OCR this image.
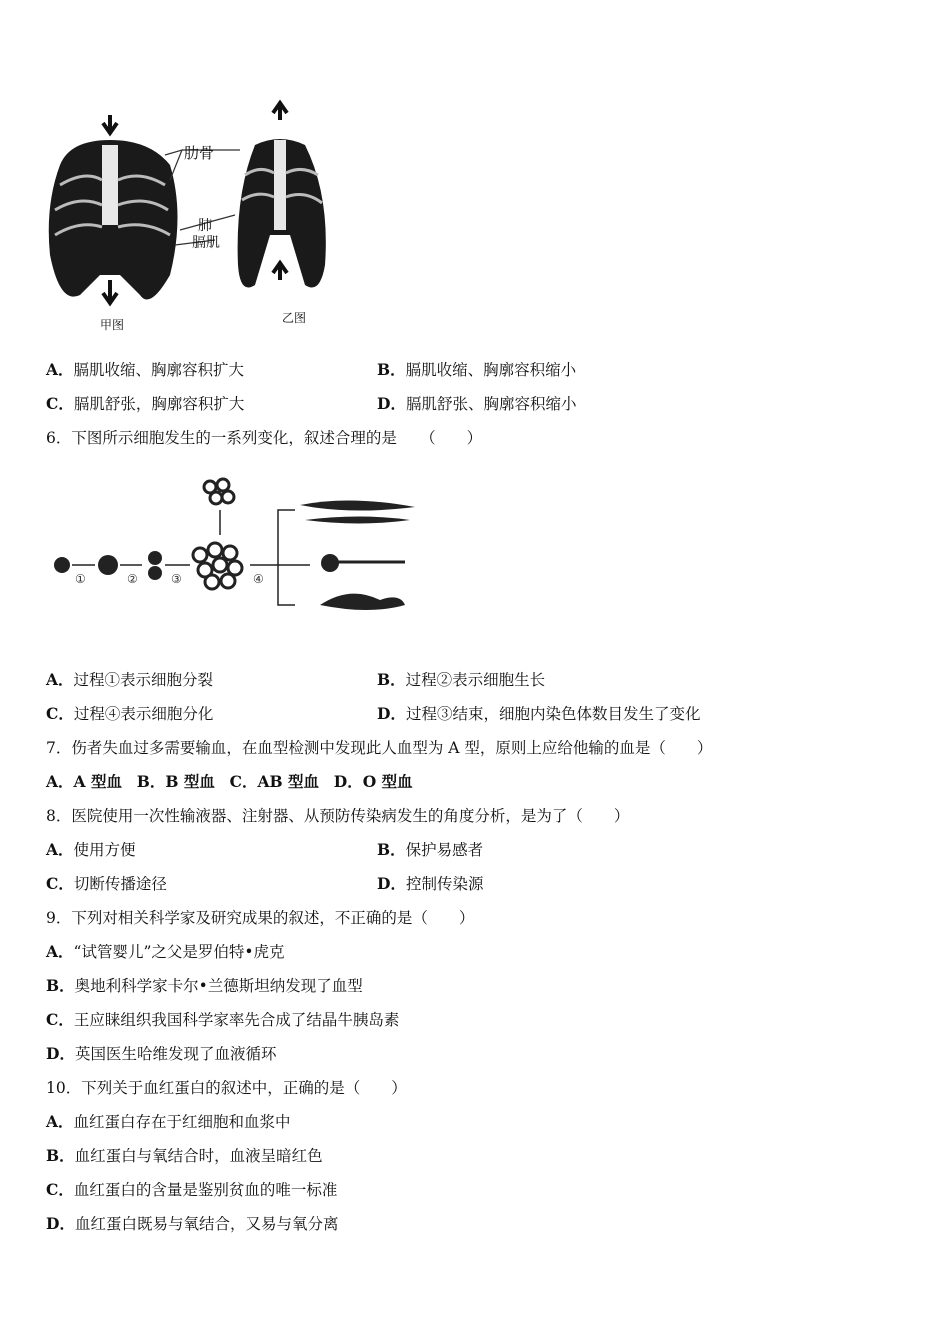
肋骨
肺
膈肌
甲图	乙图
A．膈肌收缩、胸廓容积扩大	B．膈肌收缩、胸廓容积缩小
C．膈肌舒张，胸廓容积扩大	D．膈肌舒张、胸廓容积缩小
6．下图所示细胞发生的一系列变化，叙述合理的是　　（　　）
①	②	③	④
A．过程①表示细胞分裂	B．过程②表示细胞生长
C．过程④表示细胞分化	D．过程③结束，细胞内染色体数目发生了变化
7．伤者失血过多需要输血，在血型检测中发现此人血型为 A 型，原则上应给他输的血是（　　）
A．A 型血 B．B 型血 C．AB 型血 D．O 型血
8．医院使用一次性输液器、注射器、从预防传染病发生的角度分析，是为了（　　）
A．使用方便	B．保护易感者
C．切断传播途径	D．控制传染源
9．下列对相关科学家及研究成果的叙述，不正确的是（　　）
A．“试管婴儿”之父是罗伯特•虎克
B．奥地利科学家卡尔•兰德斯坦纳发现了血型
C．王应睐组织我国科学家率先合成了结晶牛胰岛素
D．英国医生哈维发现了血液循环
10．下列关于血红蛋白的叙述中，正确的是（　　）
A．血红蛋白存在于红细胞和血浆中
B．血红蛋白与氧结合时，血液呈暗红色
C．血红蛋白的含量是鉴别贫血的唯一标准
D．血红蛋白既易与氧结合，又易与氧分离
